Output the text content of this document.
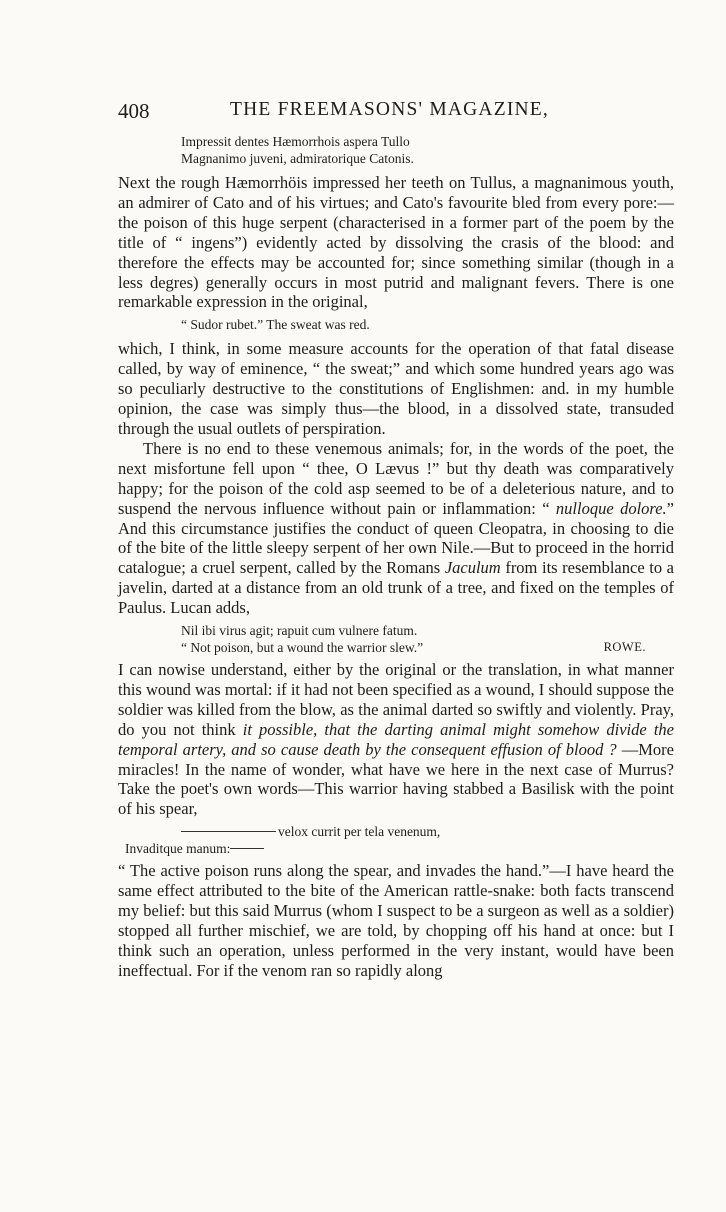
408	THE FREEMASONS' MAGAZINE,
Impressit dentes Hæmorrhois aspera Tullo
Magnanimo juveni, admiratorique Catonis.

Next the rough Hæmorrhöis impressed her teeth on Tullus, a magnanimous youth, an admirer of Cato and of his virtues; and Cato's favourite bled from every pore:—the poison of this huge serpent (characterised in a former part of the poem by the title of “ ingens”) evidently acted by dissolving the crasis of the blood: and therefore the effects may be accounted for; since something similar (though in a less degres) generally occurs in most putrid and malignant fevers. There is one remarkable expression in the original,

“ Sudor rubet.” The sweat was red.

which, I think, in some measure accounts for the operation of that fatal disease called, by way of eminence, “ the sweat;” and which some hundred years ago was so peculiarly destructive to the constitutions of Englishmen: and. in my humble opinion, the case was simply thus—the blood, in a dissolved state, transuded through the usual outlets of perspiration.

There is no end to these venemous animals; for, in the words of the poet, the next misfortune fell upon “ thee, O Lævus !” but thy death was comparatively happy; for the poison of the cold asp seemed to be of a deleterious nature, and to suspend the nervous influence without pain or inflammation: “ nulloque dolore.” And this circumstance justifies the conduct of queen Cleopatra, in choosing to die of the bite of the little sleepy serpent of her own Nile.—But to proceed in the horrid catalogue; a cruel serpent, called by the Romans Jaculum from its resemblance to a javelin, darted at a distance from an old trunk of a tree, and fixed on the temples of Paulus. Lucan adds,

Nil ibi virus agit; rapuit cum vulnere fatum.
“ Not poison, but a wound the warrior slew.”	ROWE.

I can nowise understand, either by the original or the translation, in what manner this wound was mortal: if it had not been specified as a wound, I should suppose the soldier was killed from the blow, as the animal darted so swiftly and violently. Pray, do you not think it possible, that the darting animal might somehow divide the temporal artery, and so cause death by the consequent effusion of blood ? —More miracles! In the name of wonder, what have we here in the next case of Murrus? Take the poet's own words—This warrior having stabbed a Basilisk with the point of his spear,

velox currit per tela venenum,
Invaditque manum:

“ The active poison runs along the spear, and invades the hand.”—I have heard the same effect attributed to the bite of the American rattle-snake: both facts transcend my belief: but this said Murrus (whom I suspect to be a surgeon as well as a soldier) stopped all further mischief, we are told, by chopping off his hand at once: but I think such an operation, unless performed in the very instant, would have been ineffectual. For if the venom ran so rapidly along
